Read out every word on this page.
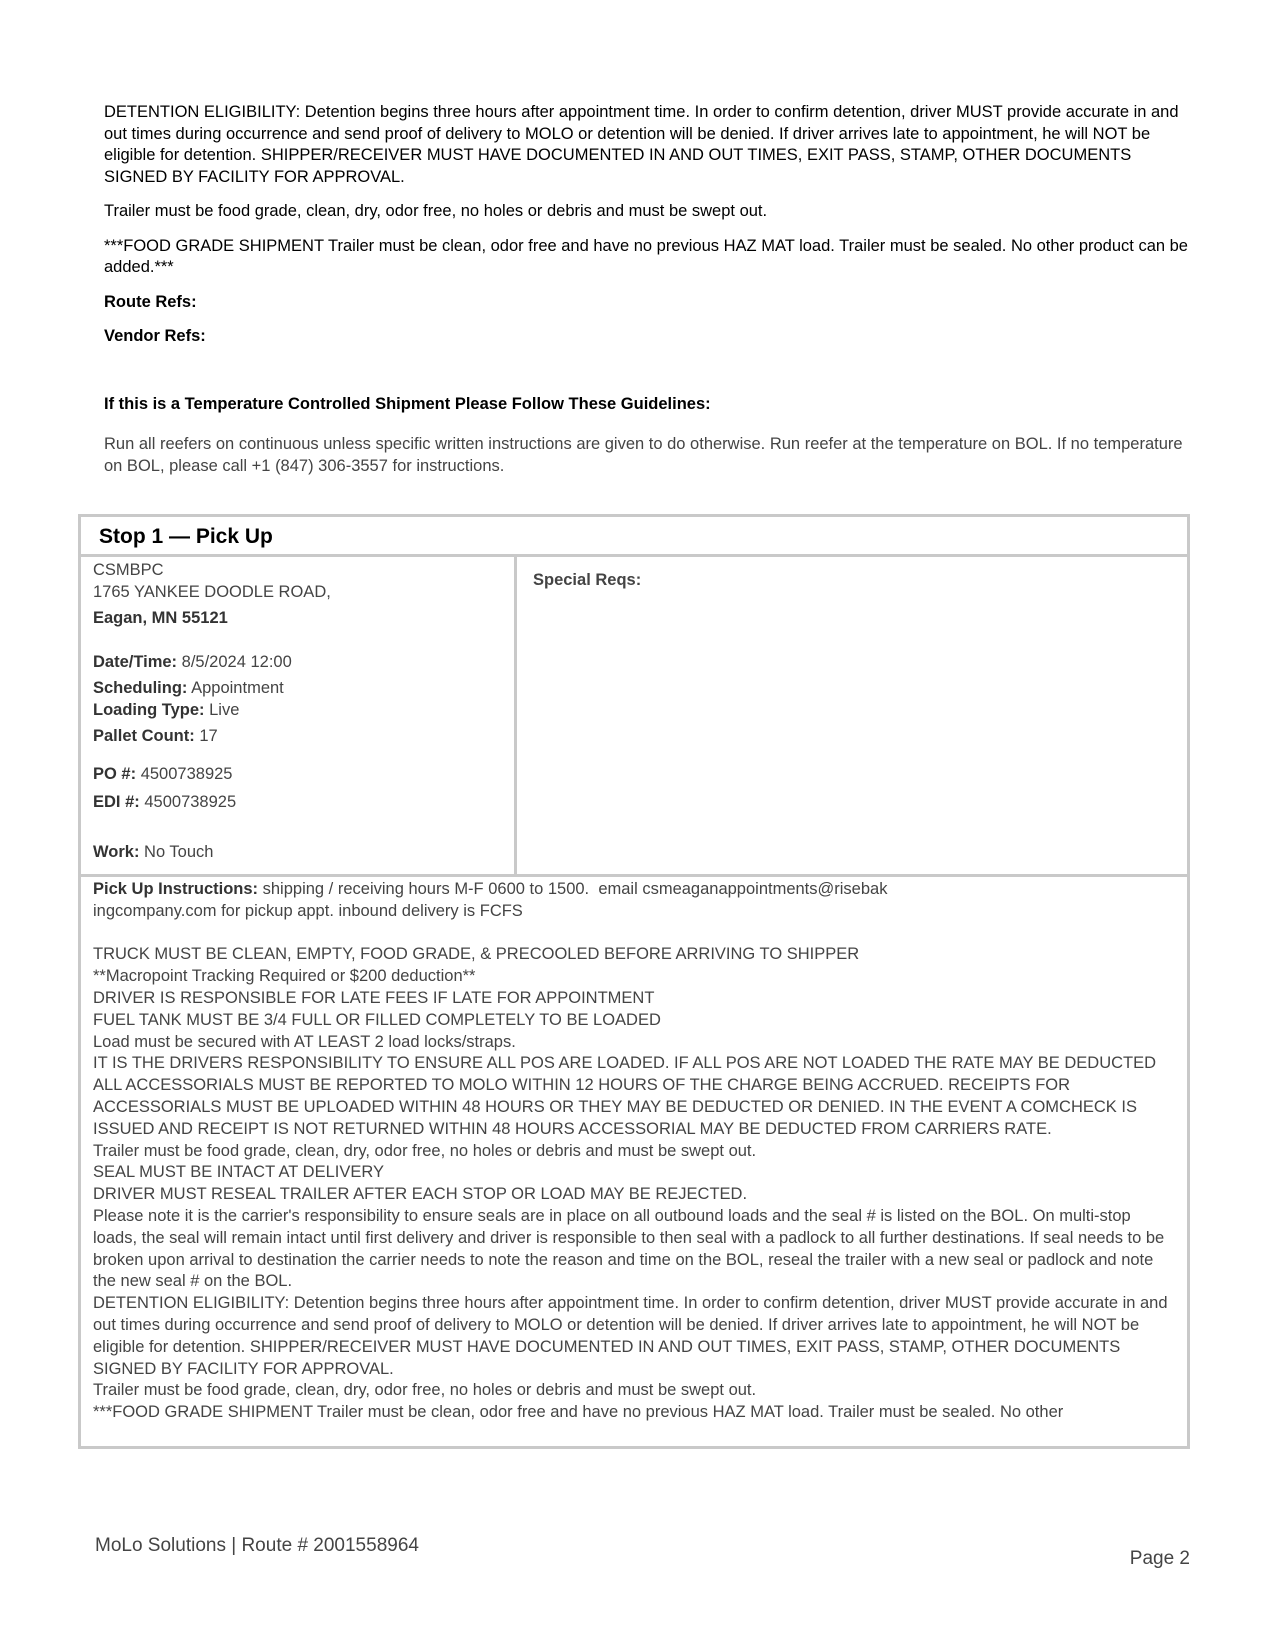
DETENTION ELIGIBILITY: Detention begins three hours after appointment time. In order to confirm detention, driver MUST provide accurate in and out times during occurrence and send proof of delivery to MOLO or detention will be denied. If driver arrives late to appointment, he will NOT be eligible for detention. SHIPPER/RECEIVER MUST HAVE DOCUMENTED IN AND OUT TIMES, EXIT PASS, STAMP, OTHER DOCUMENTS SIGNED BY FACILITY FOR APPROVAL.

Trailer must be food grade, clean, dry, odor free, no holes or debris and must be swept out.

***FOOD GRADE SHIPMENT Trailer must be clean, odor free and have no previous HAZ MAT load. Trailer must be sealed. No other product can be added.***

Route Refs:
Vendor Refs:
If this is a Temperature Controlled Shipment Please Follow These Guidelines:
Run all reefers on continuous unless specific written instructions are given to do otherwise. Run reefer at the temperature on BOL. If no temperature on BOL, please call +1 (847) 306-3557 for instructions.
Stop 1 — Pick Up
CSMBPC
1765 YANKEE DOODLE ROAD,
Eagan, MN 55121
Date/Time: 8/5/2024 12:00
Scheduling: Appointment
Loading Type: Live
Pallet Count: 17
PO #: 4500738925
EDI #: 4500738925
Work: No Touch
Special Reqs:
Pick Up Instructions: shipping / receiving hours M-F 0600 to 1500.  email csmeaganappointments@risebak
ingcompany.com for pickup appt. inbound delivery is FCFS

TRUCK MUST BE CLEAN, EMPTY, FOOD GRADE, & PRECOOLED BEFORE ARRIVING TO SHIPPER
**Macropoint Tracking Required or $200 deduction**
DRIVER IS RESPONSIBLE FOR LATE FEES IF LATE FOR APPOINTMENT
FUEL TANK MUST BE 3/4 FULL OR FILLED COMPLETELY TO BE LOADED
Load must be secured with AT LEAST 2 load locks/straps.
IT IS THE DRIVERS RESPONSIBILITY TO ENSURE ALL POS ARE LOADED. IF ALL POS ARE NOT LOADED THE RATE MAY BE DEDUCTED
ALL ACCESSORIALS MUST BE REPORTED TO MOLO WITHIN 12 HOURS OF THE CHARGE BEING ACCRUED. RECEIPTS FOR ACCESSORIALS MUST BE UPLOADED WITHIN 48 HOURS OR THEY MAY BE DEDUCTED OR DENIED. IN THE EVENT A COMCHECK IS ISSUED AND RECEIPT IS NOT RETURNED WITHIN 48 HOURS ACCESSORIAL MAY BE DEDUCTED FROM CARRIERS RATE.
Trailer must be food grade, clean, dry, odor free, no holes or debris and must be swept out.
SEAL MUST BE INTACT AT DELIVERY
DRIVER MUST RESEAL TRAILER AFTER EACH STOP OR LOAD MAY BE REJECTED.
Please note it is the carrier's responsibility to ensure seals are in place on all outbound loads and the seal # is listed on the BOL. On multi-stop loads, the seal will remain intact until first delivery and driver is responsible to then seal with a padlock to all further destinations. If seal needs to be broken upon arrival to destination the carrier needs to note the reason and time on the BOL, reseal the trailer with a new seal or padlock and note the new seal # on the BOL.
DETENTION ELIGIBILITY: Detention begins three hours after appointment time. In order to confirm detention, driver MUST provide accurate in and out times during occurrence and send proof of delivery to MOLO or detention will be denied. If driver arrives late to appointment, he will NOT be eligible for detention. SHIPPER/RECEIVER MUST HAVE DOCUMENTED IN AND OUT TIMES, EXIT PASS, STAMP, OTHER DOCUMENTS SIGNED BY FACILITY FOR APPROVAL.
Trailer must be food grade, clean, dry, odor free, no holes or debris and must be swept out.
***FOOD GRADE SHIPMENT Trailer must be clean, odor free and have no previous HAZ MAT load. Trailer must be sealed. No other
MoLo Solutions | Route # 2001558964
Page 2
